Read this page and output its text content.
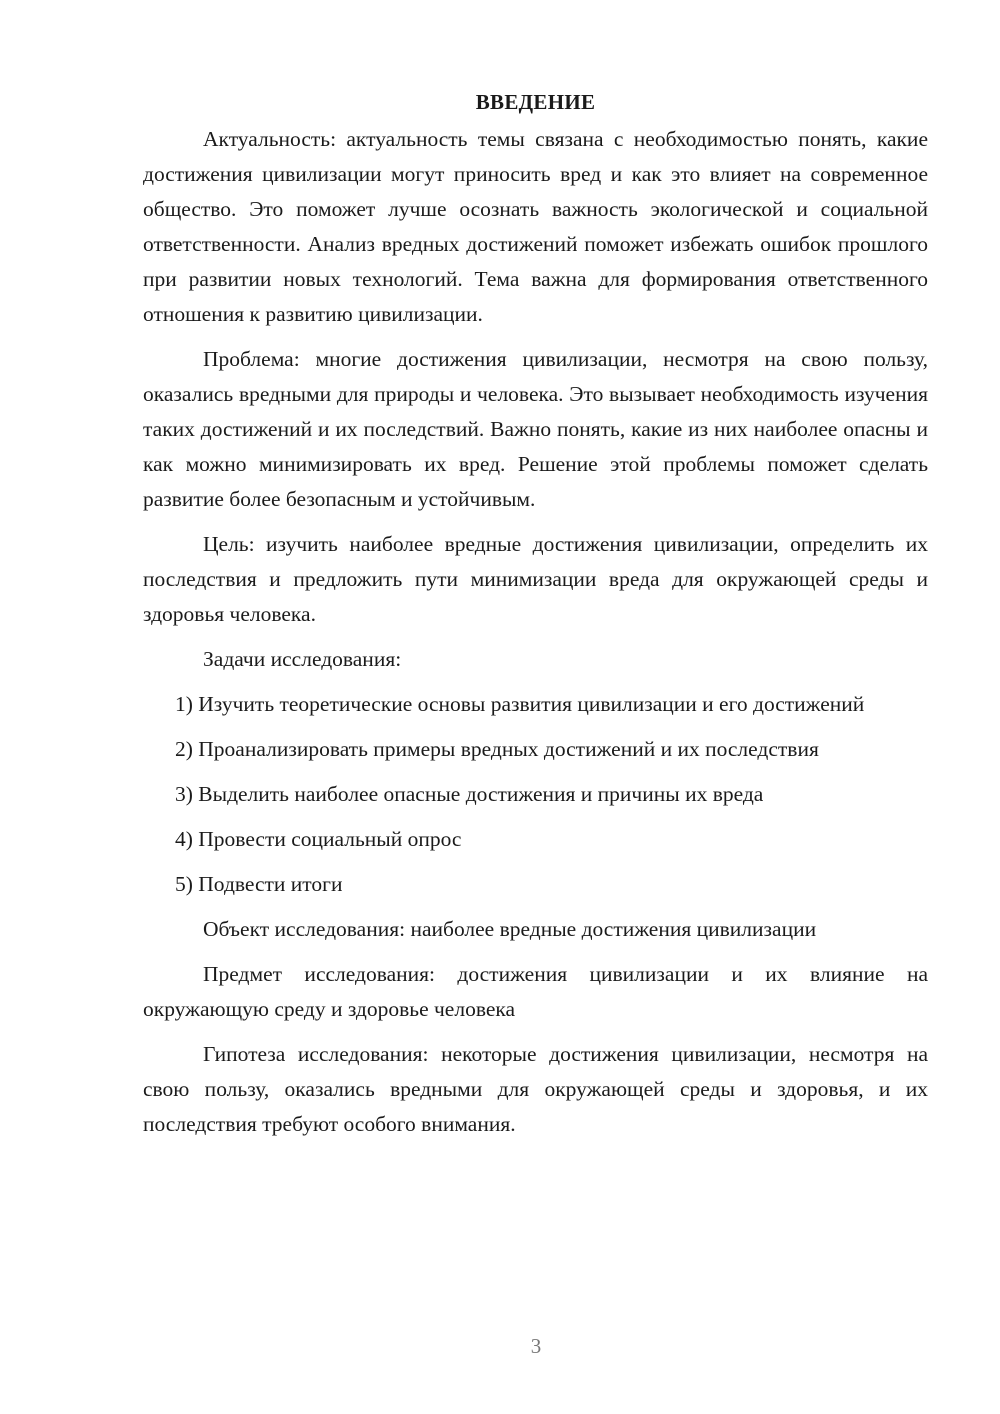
ВВЕДЕНИЕ

Актуальность: актуальность темы связана с необходимостью понять, какие достижения цивилизации могут приносить вред и как это влияет на современное общество. Это поможет лучше осознать важность экологической и социальной ответственности. Анализ вредных достижений поможет избежать ошибок прошлого при развитии новых технологий. Тема важна для формирования ответственного отношения к развитию цивилизации.

Проблема: многие достижения цивилизации, несмотря на свою пользу, оказались вредными для природы и человека. Это вызывает необходимость изучения таких достижений и их последствий. Важно понять, какие из них наиболее опасны и как можно минимизировать их вред. Решение этой проблемы поможет сделать развитие более безопасным и устойчивым.

Цель: изучить наиболее вредные достижения цивилизации, определить их последствия и предложить пути минимизации вреда для окружающей среды и здоровья человека.

Задачи исследования:

1) Изучить теоретические основы развития цивилизации и его достижений

2) Проанализировать примеры вредных достижений и их последствия

3) Выделить наиболее опасные достижения и причины их вреда

4) Провести социальный опрос

5) Подвести итоги

Объект исследования: наиболее вредные достижения цивилизации

Предмет исследования: достижения цивилизации и их влияние на окружающую среду и здоровье человека

Гипотеза исследования: некоторые достижения цивилизации, несмотря на свою пользу, оказались вредными для окружающей среды и здоровья, и их последствия требуют особого внимания.

3
